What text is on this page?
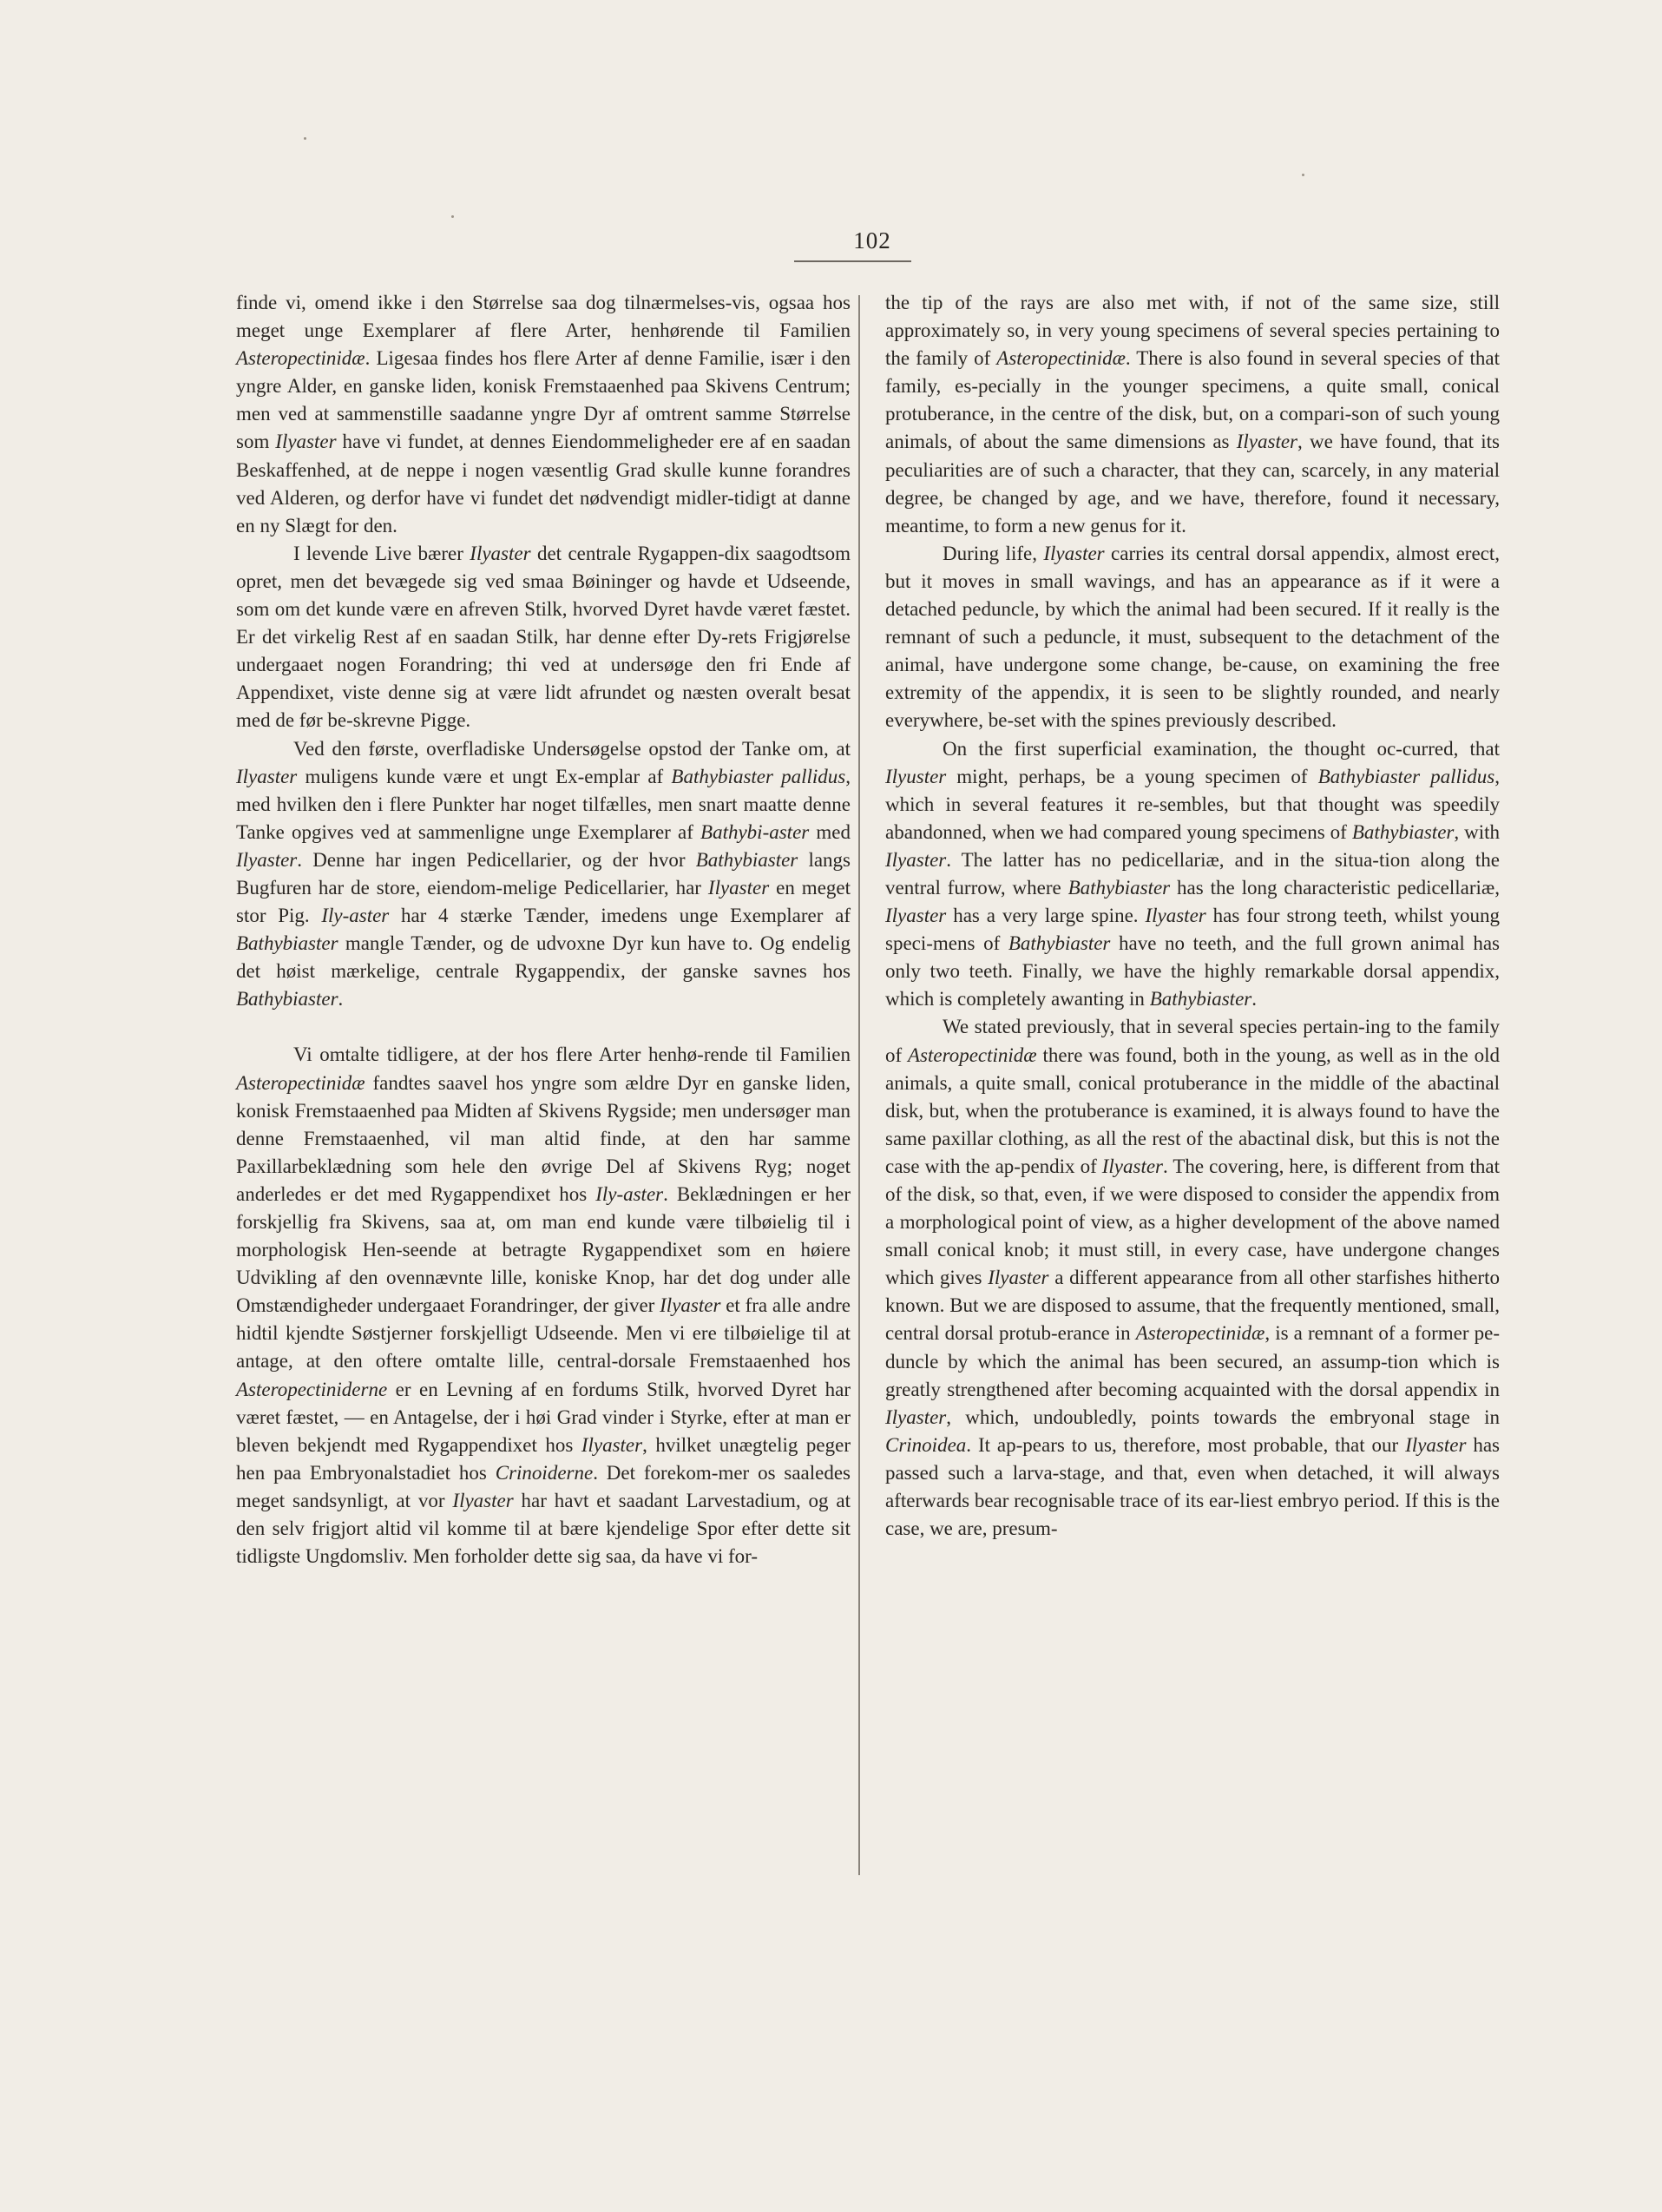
102

finde vi, omend ikke i den Størrelse saa dog tilnærmelses-vis, ogsaa hos meget unge Exemplarer af flere Arter, henhørende til Familien Asteropectinidæ. Ligesaa findes hos flere Arter af denne Familie, især i den yngre Alder, en ganske liden, konisk Fremstaaenhed paa Skivens Centrum; men ved at sammenstille saadanne yngre Dyr af omtrent samme Størrelse som Ilyaster have vi fundet, at dennes Eiendommeligheder ere af en saadan Beskaffenhed, at de neppe i nogen væsentlig Grad skulle kunne forandres ved Alderen, og derfor have vi fundet det nødvendigt midler-tidigt at danne en ny Slægt for den.

I levende Live bærer Ilyaster det centrale Rygappen-dix saagodtsom opret, men det bevægede sig ved smaa Bøininger og havde et Udseende, som om det kunde være en afreven Stilk, hvorved Dyret havde været fæstet. Er det virkelig Rest af en saadan Stilk, har denne efter Dy-rets Frigjørelse undergaaet nogen Forandring; thi ved at undersøge den fri Ende af Appendixet, viste denne sig at være lidt afrundet og næsten overalt besat med de før be-skrevne Pigge.

Ved den første, overfladiske Undersøgelse opstod der Tanke om, at Ilyaster muligens kunde være et ungt Ex-emplar af Bathybiaster pallidus, med hvilken den i flere Punkter har noget tilfælles, men snart maatte denne Tanke opgives ved at sammenligne unge Exemplarer af Bathybi-aster med Ilyaster. Denne har ingen Pedicellarier, og der hvor Bathybiaster langs Bugfuren har de store, eiendom-melige Pedicellarier, har Ilyaster en meget stor Pig. Ily-aster har 4 stærke Tænder, imedens unge Exemplarer af Bathybiaster mangle Tænder, og de udvoxne Dyr kun have to. Og endelig det høist mærkelige, centrale Rygappendix, der ganske savnes hos Bathybiaster.

Vi omtalte tidligere, at der hos flere Arter henhø-rende til Familien Asteropectinidæ fandtes saavel hos yngre som ældre Dyr en ganske liden, konisk Fremstaaenhed paa Midten af Skivens Rygside; men undersøger man denne Fremstaaenhed, vil man altid finde, at den har samme Paxillarbeklædning som hele den øvrige Del af Skivens Ryg; noget anderledes er det med Rygappendixet hos Ily-aster. Beklædningen er her forskjellig fra Skivens, saa at, om man end kunde være tilbøielig til i morphologisk Hen-seende at betragte Rygappendixet som en høiere Udvikling af den ovennævnte lille, koniske Knop, har det dog under alle Omstændigheder undergaaet Forandringer, der giver Ilyaster et fra alle andre hidtil kjendte Søstjerner forskjelligt Udseende. Men vi ere tilbøielige til at antage, at den oftere omtalte lille, central-dorsale Fremstaaenhed hos Asteropectiniderne er en Levning af en fordums Stilk, hvorved Dyret har været fæstet, — en Antagelse, der i høi Grad vinder i Styrke, efter at man er bleven bekjendt med Rygappendixet hos Ilyaster, hvilket unægtelig peger hen paa Embryonalstadiet hos Crinoiderne. Det forekom-mer os saaledes meget sandsynligt, at vor Ilyaster har havt et saadant Larvestadium, og at den selv frigjort altid vil komme til at bære kjendelige Spor efter dette sit tidligste Ungdomsliv. Men forholder dette sig saa, da have vi for-

the tip of the rays are also met with, if not of the same size, still approximately so, in very young specimens of several species pertaining to the family of Asteropectinidæ. There is also found in several species of that family, es-pecially in the younger specimens, a quite small, conical protuberance, in the centre of the disk, but, on a compari-son of such young animals, of about the same dimensions as Ilyaster, we have found, that its peculiarities are of such a character, that they can, scarcely, in any material degree, be changed by age, and we have, therefore, found it necessary, meantime, to form a new genus for it.

During life, Ilyaster carries its central dorsal appendix, almost erect, but it moves in small wavings, and has an appearance as if it were a detached peduncle, by which the animal had been secured. If it really is the remnant of such a peduncle, it must, subsequent to the detachment of the animal, have undergone some change, be-cause, on examining the free extremity of the appendix, it is seen to be slightly rounded, and nearly everywhere, be-set with the spines previously described.

On the first superficial examination, the thought oc-curred, that Ilyuster might, perhaps, be a young specimen of Bathybiaster pallidus, which in several features it re-sembles, but that thought was speedily abandonned, when we had compared young specimens of Bathybiaster, with Ilyaster. The latter has no pedicellariæ, and in the situa-tion along the ventral furrow, where Bathybiaster has the long characteristic pedicellariæ, Ilyaster has a very large spine. Ilyaster has four strong teeth, whilst young speci-mens of Bathybiaster have no teeth, and the full grown animal has only two teeth. Finally, we have the highly remarkable dorsal appendix, which is completely awanting in Bathybiaster.

We stated previously, that in several species pertain-ing to the family of Asteropectinidæ there was found, both in the young, as well as in the old animals, a quite small, conical protuberance in the middle of the abactinal disk, but, when the protuberance is examined, it is always found to have the same paxillar clothing, as all the rest of the abactinal disk, but this is not the case with the ap-pendix of Ilyaster. The covering, here, is different from that of the disk, so that, even, if we were disposed to consider the appendix from a morphological point of view, as a higher development of the above named small conical knob; it must still, in every case, have undergone changes which gives Ilyaster a different appearance from all other starfishes hitherto known. But we are disposed to assume, that the frequently mentioned, small, central dorsal protub-erance in Asteropectinidæ, is a remnant of a former pe-duncle by which the animal has been secured, an assump-tion which is greatly strengthened after becoming acquainted with the dorsal appendix in Ilyaster, which, undoubledly, points towards the embryonal stage in Crinoidea. It ap-pears to us, therefore, most probable, that our Ilyaster has passed such a larva-stage, and that, even when detached, it will always afterwards bear recognisable trace of its ear-liest embryo period. If this is the case, we are, presum-
